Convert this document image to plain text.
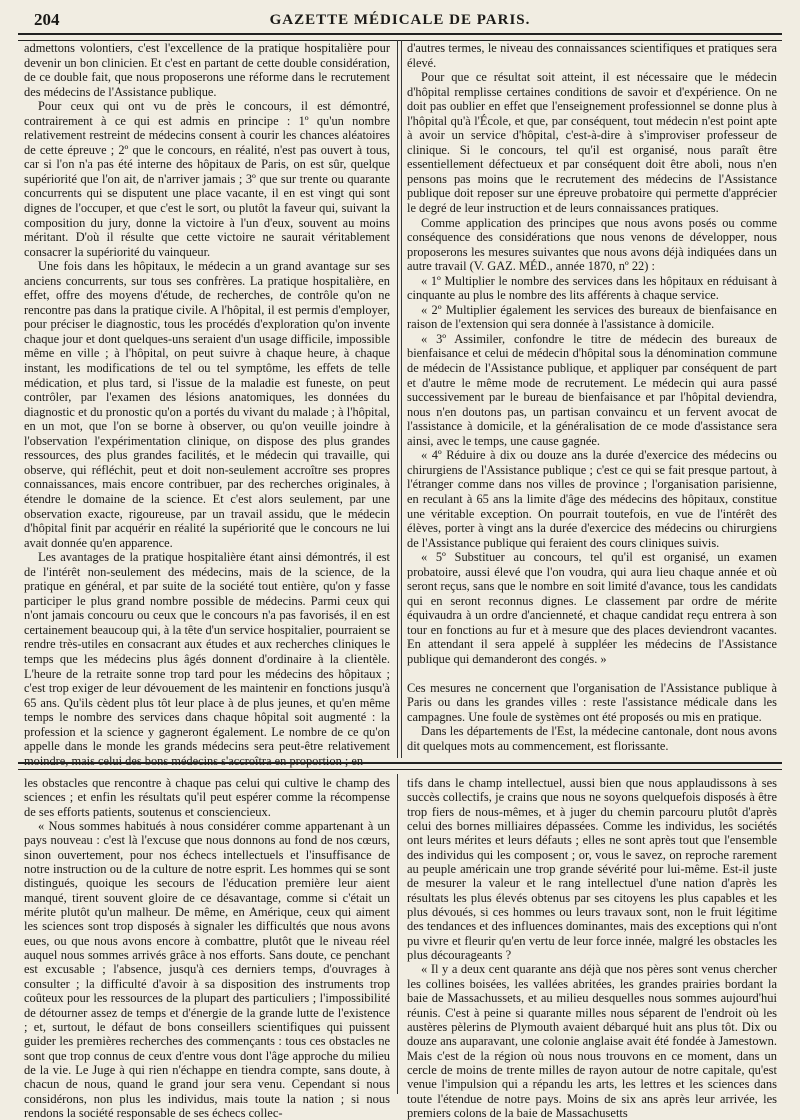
204	GAZETTE MÉDICALE DE PARIS.

admettons volontiers, c'est l'excellence de la pratique hospitalière pour devenir un bon clinicien. Et c'est en partant de cette double considération, de ce double fait, que nous proposerons une réforme dans le recrutement des médecins de l'Assistance publique.

Pour ceux qui ont vu de près le concours, il est démontré, contrairement à ce qui est admis en principe : 1º qu'un nombre relativement restreint de médecins consent à courir les chances aléatoires de cette épreuve ; 2º que le concours, en réalité, n'est pas ouvert à tous, car si l'on n'a pas été interne des hôpitaux de Paris, on est sûr, quelque supériorité que l'on ait, de n'arriver jamais ; 3º que sur trente ou quarante concurrents qui se disputent une place vacante, il en est vingt qui sont dignes de l'occuper, et que c'est le sort, ou plutôt la faveur qui, suivant la composition du jury, donne la victoire à l'un d'eux, souvent au moins méritant. D'où il résulte que cette victoire ne saurait véritablement consacrer la supériorité du vainqueur.

Une fois dans les hôpitaux, le médecin a un grand avantage sur ses anciens concurrents, sur tous ses confrères. La pratique hospitalière, en effet, offre des moyens d'étude, de recherches, de contrôle qu'on ne rencontre pas dans la pratique civile. A l'hôpital, il est permis d'employer, pour préciser le diagnostic, tous les procédés d'exploration qu'on invente chaque jour et dont quelques-uns seraient d'un usage difficile, impossible même en ville ; à l'hôpital, on peut suivre à chaque heure, à chaque instant, les modifications de tel ou tel symptôme, les effets de telle médication, et plus tard, si l'issue de la maladie est funeste, on peut contrôler, par l'examen des lésions anatomiques, les données du diagnostic et du pronostic qu'on a portés du vivant du malade ; à l'hôpital, en un mot, que l'on se borne à observer, ou qu'on veuille joindre à l'observation l'expérimentation clinique, on dispose des plus grandes ressources, des plus grandes facilités, et le médecin qui travaille, qui observe, qui réfléchit, peut et doit non-seulement accroître ses propres connaissances, mais encore contribuer, par des recherches originales, à étendre le domaine de la science. Et c'est alors seulement, par une observation exacte, rigoureuse, par un travail assidu, que le médecin d'hôpital finit par acquérir en réalité la supériorité que le concours ne lui avait donnée qu'en apparence.

Les avantages de la pratique hospitalière étant ainsi démontrés, il est de l'intérêt non-seulement des médecins, mais de la science, de la pratique en général, et par suite de la société tout entière, qu'on y fasse participer le plus grand nombre possible de médecins. Parmi ceux qui n'ont jamais concouru ou ceux que le concours n'a pas favorisés, il en est certainement beaucoup qui, à la tête d'un service hospitalier, pourraient se rendre très-utiles en consacrant aux études et aux recherches cliniques le temps que les médecins plus âgés donnent d'ordinaire à la clientèle. L'heure de la retraite sonne trop tard pour les médecins des hôpitaux ; c'est trop exiger de leur dévouement de les maintenir en fonctions jusqu'à 65 ans. Qu'ils cèdent plus tôt leur place à de plus jeunes, et qu'en même temps le nombre des services dans chaque hôpital soit augmenté : la profession et la science y gagneront également. Le nombre de ce qu'on appelle dans le monde les grands médecins sera peut-être relativement moindre, mais celui des bons médecins s'accroîtra en proportion ; en

d'autres termes, le niveau des connaissances scientifiques et pratiques sera élevé.

Pour que ce résultat soit atteint, il est nécessaire que le médecin d'hôpital remplisse certaines conditions de savoir et d'expérience. On ne doit pas oublier en effet que l'enseignement professionnel se donne plus à l'hôpital qu'à l'École, et que, par conséquent, tout médecin n'est point apte à avoir un service d'hôpital, c'est-à-dire à s'improviser professeur de clinique. Si le concours, tel qu'il est organisé, nous paraît être essentiellement défectueux et par conséquent doit être aboli, nous n'en pensons pas moins que le recrutement des médecins de l'Assistance publique doit reposer sur une épreuve probatoire qui permette d'apprécier le degré de leur instruction et de leurs connaissances pratiques.

Comme application des principes que nous avons posés ou comme conséquence des considérations que nous venons de développer, nous proposerons les mesures suivantes que nous avons déjà indiquées dans un autre travail (V. GAZ. MÉD., année 1870, nº 22) :

« 1º Multiplier le nombre des services dans les hôpitaux en réduisant à cinquante au plus le nombre des lits afférents à chaque service.

« 2º Multiplier également les services des bureaux de bienfaisance en raison de l'extension qui sera donnée à l'assistance à domicile.

« 3º Assimiler, confondre le titre de médecin des bureaux de bienfaisance et celui de médecin d'hôpital sous la dénomination commune de médecin de l'Assistance publique, et appliquer par conséquent de part et d'autre le même mode de recrutement. Le médecin qui aura passé successivement par le bureau de bienfaisance et par l'hôpital deviendra, nous n'en doutons pas, un partisan convaincu et un fervent avocat de l'assistance à domicile, et la généralisation de ce mode d'assistance sera ainsi, avec le temps, une cause gagnée.

« 4º Réduire à dix ou douze ans la durée d'exercice des médecins ou chirurgiens de l'Assistance publique ; c'est ce qui se fait presque partout, à l'étranger comme dans nos villes de province ; l'organisation parisienne, en reculant à 65 ans la limite d'âge des médecins des hôpitaux, constitue une véritable exception. On pourrait toutefois, en vue de l'intérêt des élèves, porter à vingt ans la durée d'exercice des médecins ou chirurgiens de l'Assistance publique qui feraient des cours cliniques suivis.

« 5º Substituer au concours, tel qu'il est organisé, un examen probatoire, aussi élevé que l'on voudra, qui aura lieu chaque année et où seront reçus, sans que le nombre en soit limité d'avance, tous les candidats qui en seront reconnus dignes. Le classement par ordre de mérite équivaudra à un ordre d'ancienneté, et chaque candidat reçu entrera à son tour en fonctions au fur et à mesure que des places deviendront vacantes. En attendant il sera appelé à suppléer les médecins de l'Assistance publique qui demanderont des congés. »

Ces mesures ne concernent que l'organisation de l'Assistance publique à Paris ou dans les grandes villes : reste l'assistance médicale dans les campagnes. Une foule de systèmes ont été proposés ou mis en pratique.

Dans les départements de l'Est, la médecine cantonale, dont nous avons dit quelques mots au commencement, est florissante.

les obstacles que rencontre à chaque pas celui qui cultive le champ des sciences ; et enfin les résultats qu'il peut espérer comme la récompense de ses efforts patients, soutenus et consciencieux.

« Nous sommes habitués à nous considérer comme appartenant à un pays nouveau : c'est là l'excuse que nous donnons au fond de nos cœurs, sinon ouvertement, pour nos échecs intellectuels et l'insuffisance de notre instruction ou de la culture de notre esprit. Les hommes qui se sont distingués, quoique les secours de l'éducation première leur aient manqué, tirent souvent gloire de ce désavantage, comme si c'était un mérite plutôt qu'un malheur. De même, en Amérique, ceux qui aiment les sciences sont trop disposés à signaler les difficultés que nous avons eues, ou que nous avons encore à combattre, plutôt que le niveau réel auquel nous sommes arrivés grâce à nos efforts. Sans doute, ce penchant est excusable ; l'absence, jusqu'à ces derniers temps, d'ouvrages à consulter ; la difficulté d'avoir à sa disposition des instruments trop coûteux pour les ressources de la plupart des particuliers ; l'impossibilité de détourner assez de temps et d'énergie de la grande lutte de l'existence ; et, surtout, le défaut de bons conseillers scientifiques qui puissent guider les premières recherches des commençants : tous ces obstacles ne sont que trop connus de ceux d'entre vous dont l'âge approche du milieu de la vie. Le Juge à qui rien n'échappe en tiendra compte, sans doute, à chacun de nous, quand le grand jour sera venu. Cependant si nous considérons, non plus les individus, mais toute la nation ; si nous rendons la société responsable de ses échecs collec-

tifs dans le champ intellectuel, aussi bien que nous applaudissons à ses succès collectifs, je crains que nous ne soyons quelquefois disposés à être trop fiers de nous-mêmes, et à juger du chemin parcouru plutôt d'après celui des bornes milliaires dépassées. Comme les individus, les sociétés ont leurs mérites et leurs défauts ; elles ne sont après tout que l'ensemble des individus qui les composent ; or, vous le savez, on reproche rarement au peuple américain une trop grande sévérité pour lui-même. Est-il juste de mesurer la valeur et le rang intellectuel d'une nation d'après les résultats les plus élevés obtenus par ses citoyens les plus capables et les plus dévoués, si ces hommes ou leurs travaux sont, non le fruit légitime des tendances et des influences dominantes, mais des exceptions qui n'ont pu vivre et fleurir qu'en vertu de leur force innée, malgré les obstacles les plus décourageants ?

« Il y a deux cent quarante ans déjà que nos pères sont venus chercher les collines boisées, les vallées abritées, les grandes prairies bordant la baie de Massachussets, et au milieu desquelles nous sommes aujourd'hui réunis. C'est à peine si quarante milles nous séparent de l'endroit où les austères pèlerins de Plymouth avaient débarqué huit ans plus tôt. Dix ou douze ans auparavant, une colonie anglaise avait été fondée à Jamestown. Mais c'est de la région où nous nous trouvons en ce moment, dans un cercle de moins de trente milles de rayon autour de notre capitale, qu'est venue l'impulsion qui a répandu les arts, les lettres et les sciences dans toute l'étendue de notre pays. Moins de six ans après leur arrivée, les premiers colons de la baie de Massachusetts
